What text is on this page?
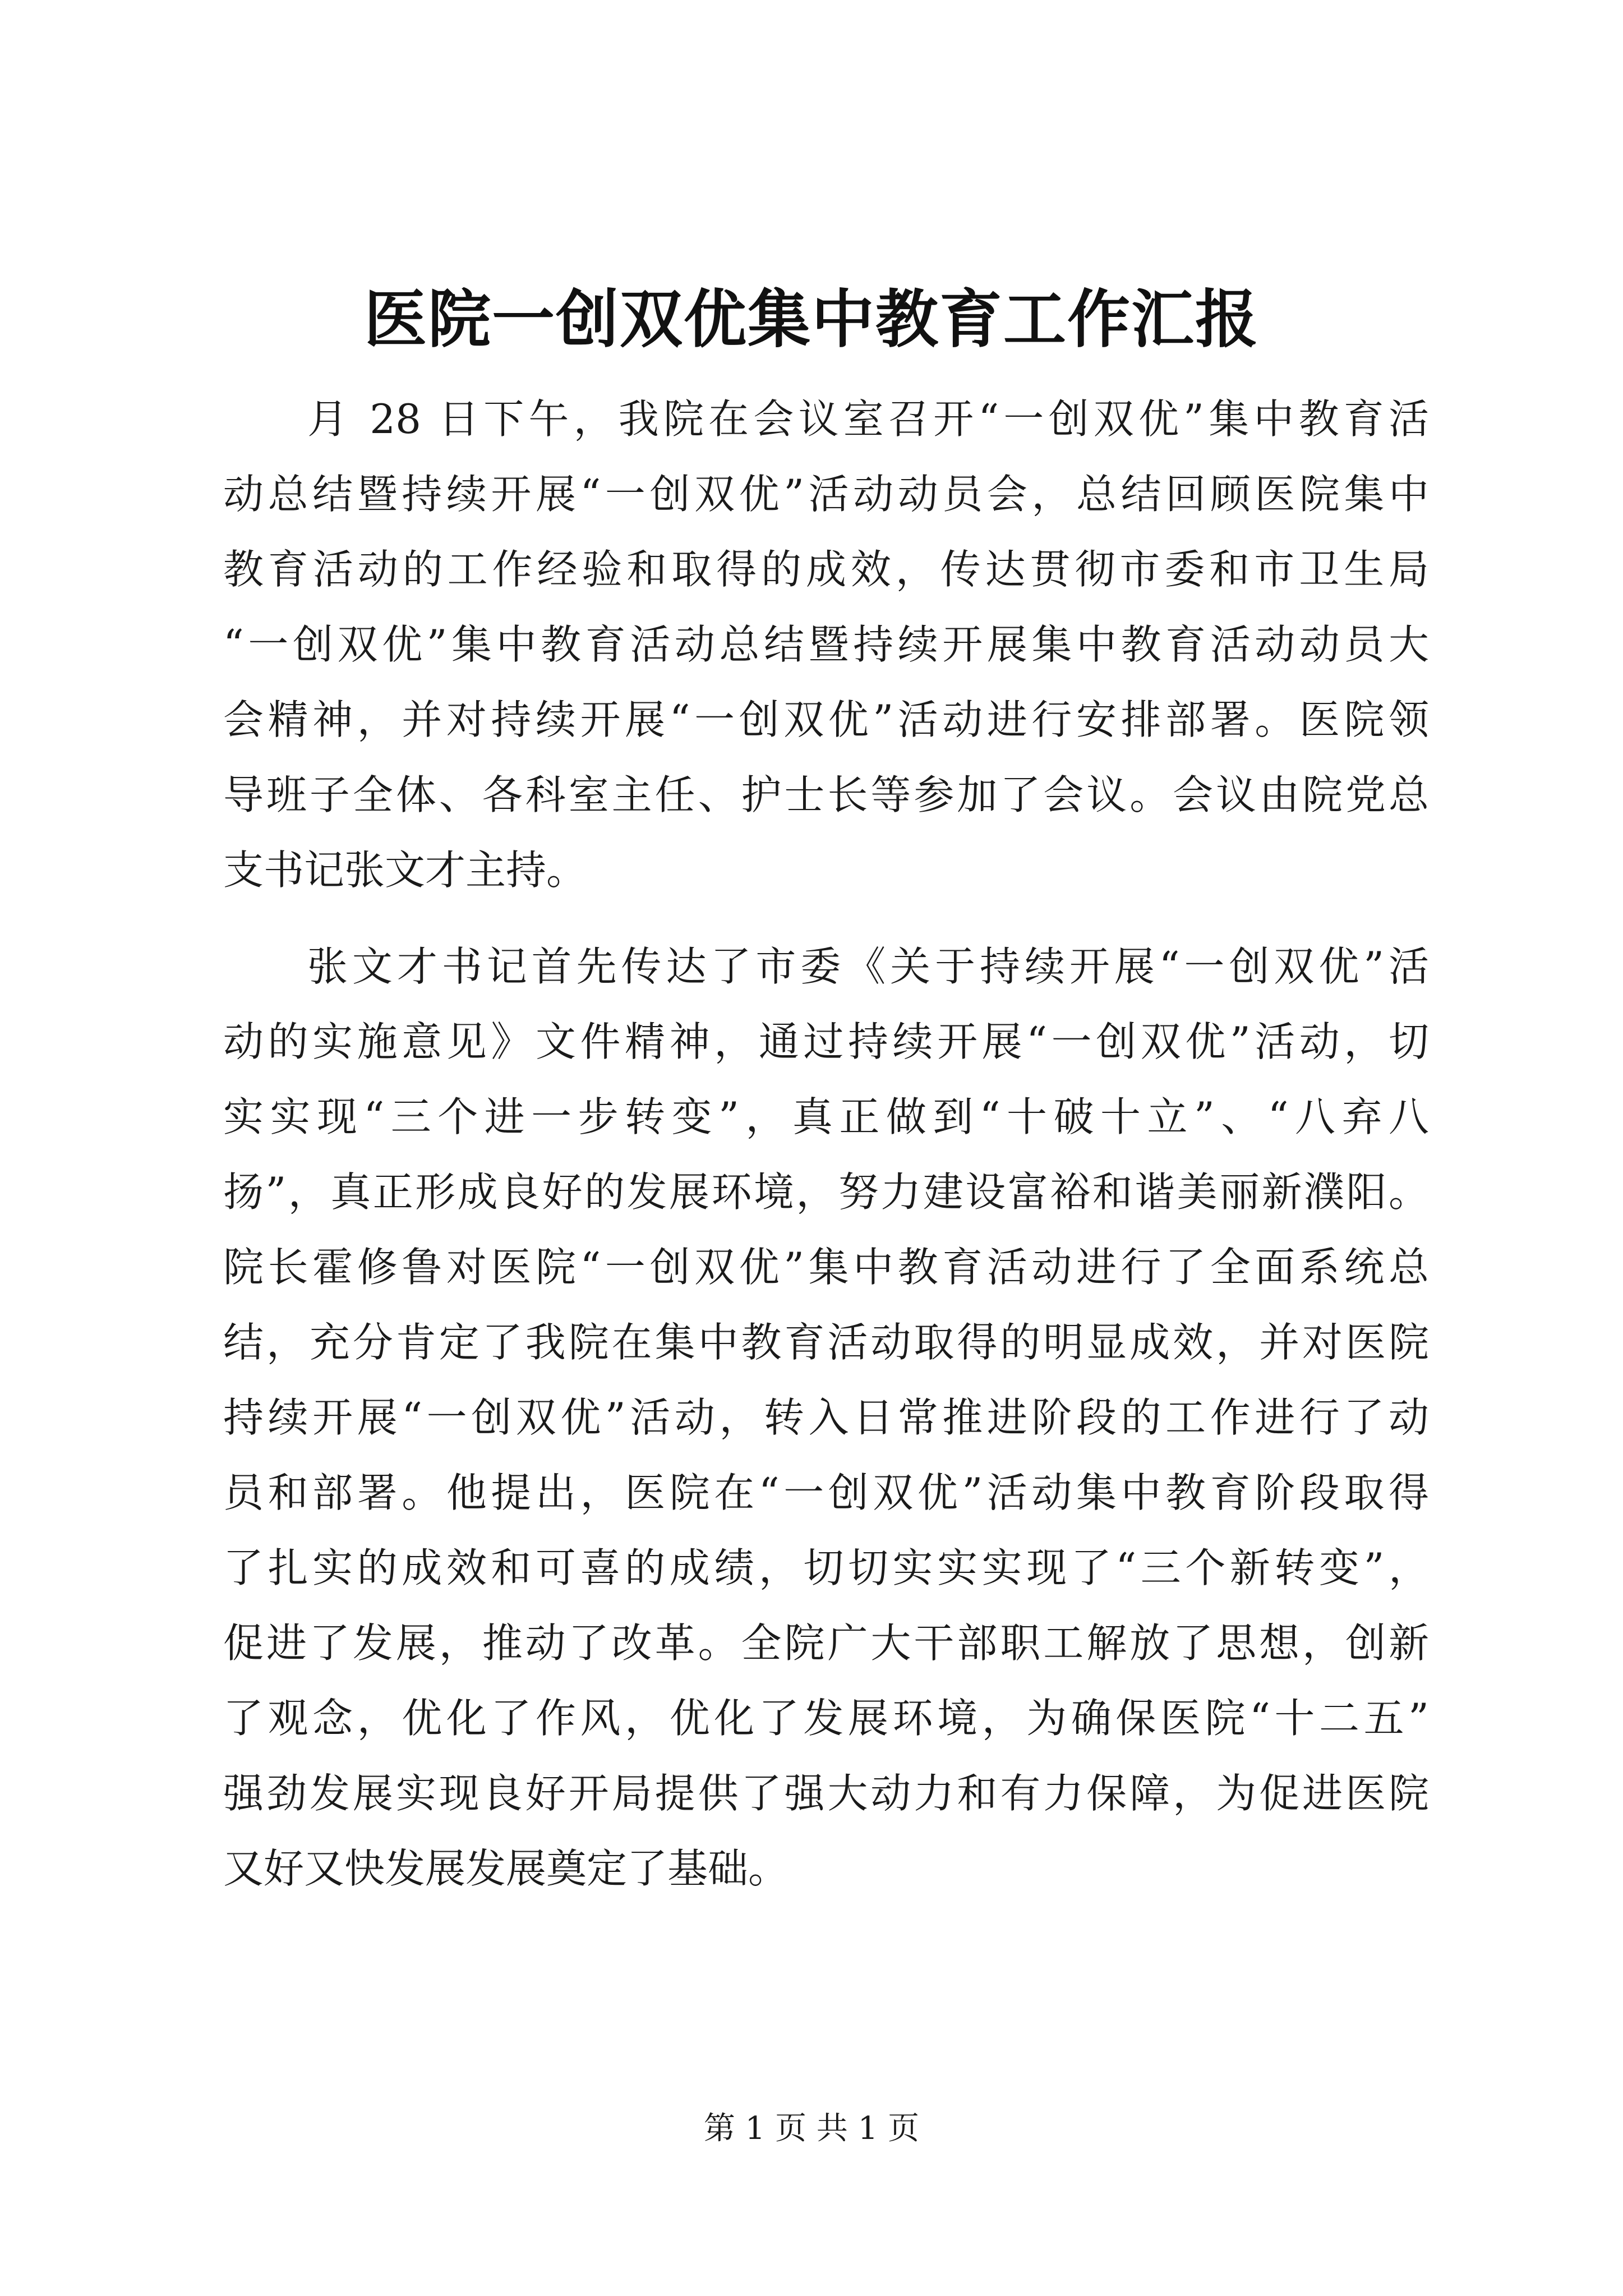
医院一创双优集中教育工作汇报
月 28 日下午，我院在会议室召开“一创双优”集中教育活
动总结暨持续开展“一创双优”活动动员会，总结回顾医院集中
教育活动的工作经验和取得的成效，传达贯彻市委和市卫生局
“一创双优”集中教育活动总结暨持续开展集中教育活动动员大
会精神，并对持续开展“一创双优”活动进行安排部署。医院领
导班子全体、各科室主任、护士长等参加了会议。会议由院党总
支书记张文才主持。
张文才书记首先传达了市委《关于持续开展“一创双优”活
动的实施意见》文件精神，通过持续开展“一创双优”活动，切
实实现“三个进一步转变”，真正做到“十破十立”、“八弃八
扬”，真正形成良好的发展环境，努力建设富裕和谐美丽新濮阳。
院长霍修鲁对医院“一创双优”集中教育活动进行了全面系统总
结，充分肯定了我院在集中教育活动取得的明显成效，并对医院
持续开展“一创双优”活动，转入日常推进阶段的工作进行了动
员和部署。他提出，医院在“一创双优”活动集中教育阶段取得
了扎实的成效和可喜的成绩，切切实实实现了“三个新转变”，
促进了发展，推动了改革。全院广大干部职工解放了思想，创新
了观念，优化了作风，优化了发展环境，为确保医院“十二五”
强劲发展实现良好开局提供了强大动力和有力保障，为促进医院
又好又快发展发展奠定了基础。
第 1 页 共 1 页
